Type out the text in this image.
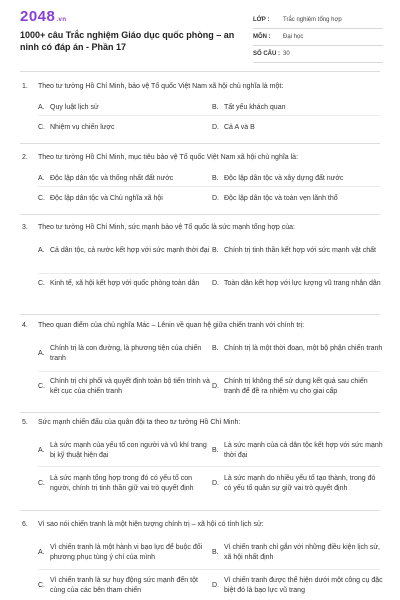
2048.vn
1000+ câu Trắc nghiệm Giáo dục quốc phòng – an ninh có đáp án - Phần 17
LỚP :	Trắc nghiệm tổng hợp
MÔN :	Đại học
SỐ CÂU : 30
1.	Theo tư tưởng Hồ Chí Minh, bảo vệ Tổ quốc Việt Nam xã hội chủ nghĩa là một:
A. Quy luật lịch sử	B. Tất yếu khách quan
C. Nhiệm vụ chiến lược	D. Cả A và B
2.	Theo tư tưởng Hồ Chí Minh, mục tiêu bảo vệ Tổ quốc Việt Nam xã hội chủ nghĩa là:
A. Độc lập dân tộc và thống nhất đất nước	B. Độc lập dân tộc và xây dựng đất nước
C. Độc lập dân tộc và Chủ nghĩa xã hội	D. Độc lập dân tộc và toàn vẹn lãnh thổ
3.	Theo tư tưởng Hồ Chí Minh, sức mạnh bảo vệ Tổ quốc là sức mạnh tổng hợp của:
A. Cả dân tộc, cả nước kết hợp với sức mạnh thời đại B. Chính trị tinh thần kết hợp với sức mạnh vật chất
C. Kinh tế, xã hội kết hợp với quốc phòng toàn dân	D. Toàn dân kết hợp với lực lượng vũ trang nhân dân
4.	Theo quan điểm của chủ nghĩa Mác – Lênin về quan hệ giữa chiến tranh với chính trị:
A.
Chính trị là con đường, là phương tiện của chiến tranh
B. Chính trị là một thời đoạn, một bộ phận chiến tranh
C.
Chính trị chi phối và quyết định toàn bộ tiến trình và kết cục của chiến tranh
D.
Chính trị không thể sử dụng kết quả sau chiến tranh để đề ra nhiệm vụ cho giai cấp
5.	Sức mạnh chiến đấu của quân đội ta theo tư tưởng Hồ Chí Minh:
A.
Là sức mạnh của yếu tố con người và vũ khí trang bị kỹ thuật hiện đại
B.
Là sức mạnh của cả dân tộc kết hợp với sức mạnh thời đại
C.
Là sức mạnh tổng hợp trong đó có yếu tố con người, chính trị tinh thần giữ vai trò quyết định
D.
Là sức mạnh do nhiều yếu tố tạo thành, trong đó có yếu tố quân sự giữ vai trò quyết định
6.	Vì sao nói chiến tranh là một hiện tượng chính trị – xã hội có tính lịch sử:
A.
Vì chiến tranh là một hành vi bạo lực để buộc đối phương phục tùng ý chí của mình
B.
Vì chiến tranh chỉ gắn với những điều kiện lịch sử, xã hội nhất định
C.
Vì chiến tranh là sự huy động sức mạnh đến tột cùng của các bên tham chiến
D.
Vì chiến tranh được thể hiện dưới một công cụ đặc biệt đó là bạo lực vũ trang
